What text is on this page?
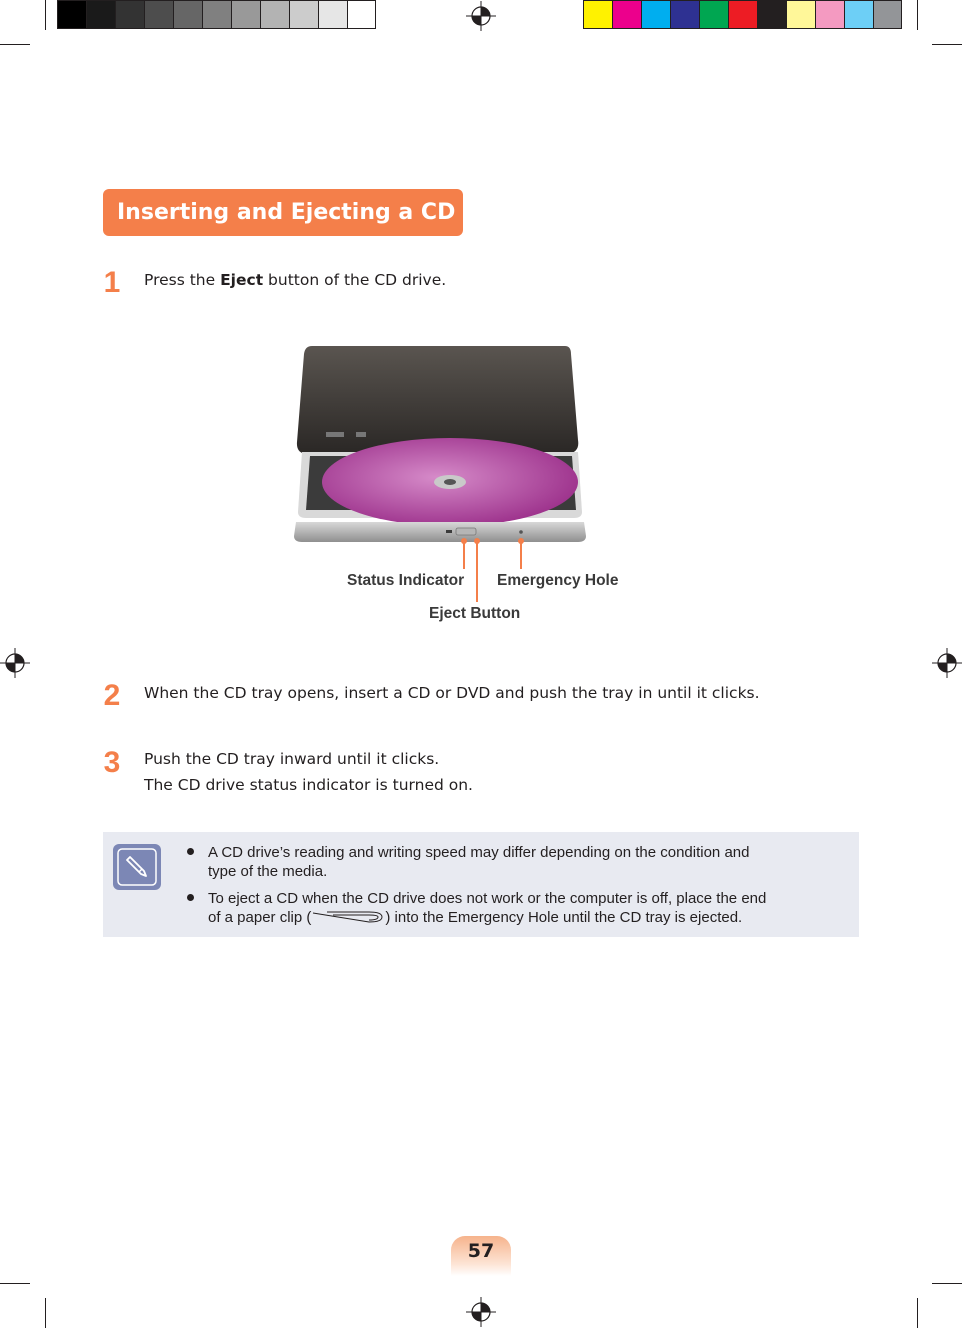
Inserting and Ejecting a CD
1	Press the Eject button of the CD drive.
Status Indicator Emergency Hole
Eject Button
2	When the CD tray opens, insert a CD or DVD and push the tray in until it clicks.
3	Push the CD tray inward until it clicks.
The CD drive status indicator is turned on.
A CD drive’s reading and writing speed may differ depending on the condition and
type of the media.
To eject a CD when the CD drive does not work or the computer is off, place the end
of a paper clip (	) into the Emergency Hole until the CD tray is ejected.
57
